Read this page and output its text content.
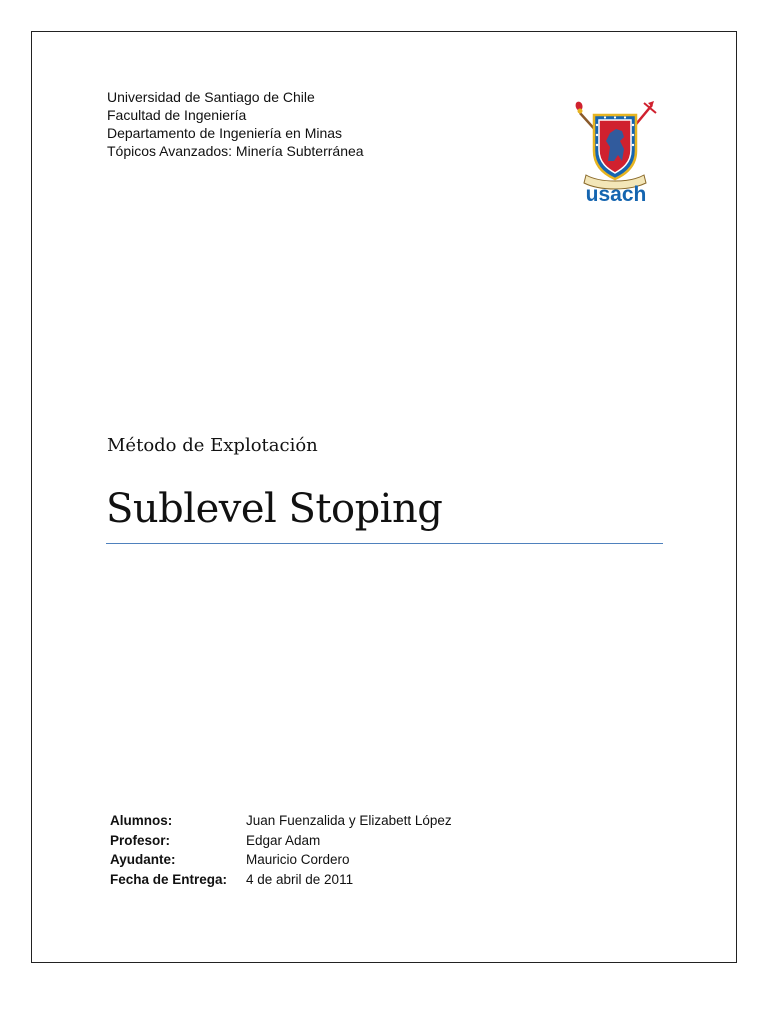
Universidad de Santiago de Chile
Facultad de Ingeniería
Departamento de Ingeniería en Minas
Tópicos Avanzados: Minería Subterránea
usach
Método de Explotación
Sublevel Stoping
Alumnos:	Juan Fuenzalida y Elizabett López
Profesor:	Edgar Adam
Ayudante:	Mauricio Cordero
Fecha de Entrega:	4 de abril de 2011
